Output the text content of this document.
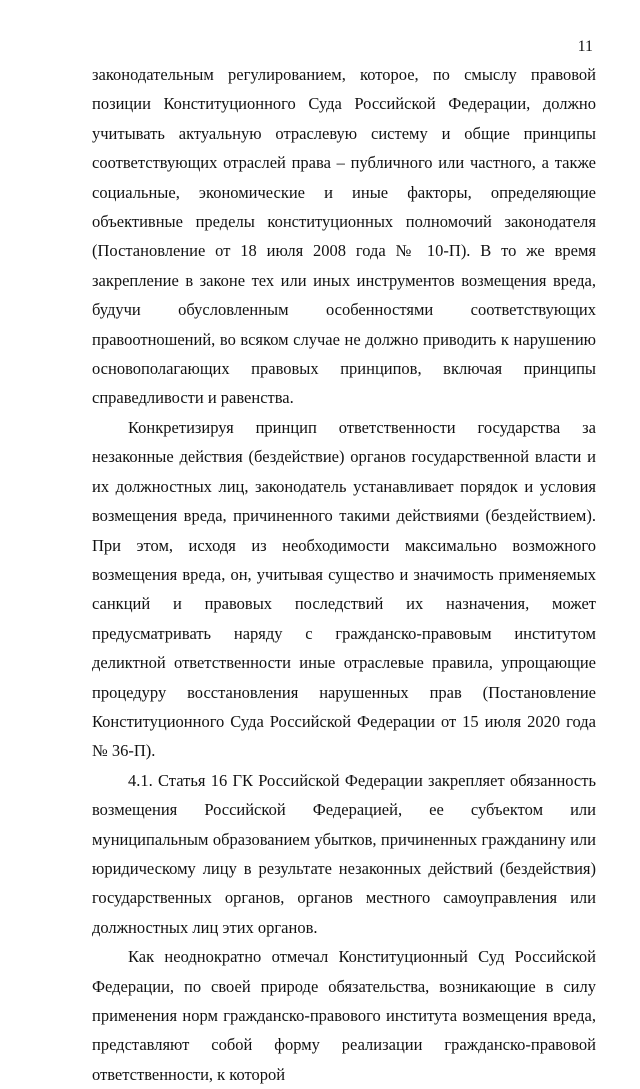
11

законодательным регулированием, которое, по смыслу правовой позиции Конституционного Суда Российской Федерации, должно учитывать актуальную отраслевую систему и общие принципы соответствующих отраслей права – публичного или частного, а также социальные, экономические и иные факторы, определяющие объективные пределы конституционных полномочий законодателя (Постановление от 18 июля 2008 года № 10-П). В то же время закрепление в законе тех или иных инструментов возмещения вреда, будучи обусловленным особенностями соответствующих правоотношений, во всяком случае не должно приводить к нарушению основополагающих правовых принципов, включая принципы справедливости и равенства.

Конкретизируя принцип ответственности государства за незаконные действия (бездействие) органов государственной власти и их должностных лиц, законодатель устанавливает порядок и условия возмещения вреда, причиненного такими действиями (бездействием). При этом, исходя из необходимости максимально возможного возмещения вреда, он, учитывая существо и значимость применяемых санкций и правовых последствий их назначения, может предусматривать наряду с гражданско-правовым институтом деликтной ответственности иные отраслевые правила, упрощающие процедуру восстановления нарушенных прав (Постановление Конституционного Суда Российской Федерации от 15 июля 2020 года № 36-П).

4.1. Статья 16 ГК Российской Федерации закрепляет обязанность возмещения Российской Федерацией, ее субъектом или муниципальным образованием убытков, причиненных гражданину или юридическому лицу в результате незаконных действий (бездействия) государственных органов, органов местного самоуправления или должностных лиц этих органов.

Как неоднократно отмечал Конституционный Суд Российской Федерации, по своей природе обязательства, возникающие в силу применения норм гражданско-правового института возмещения вреда, представляют собой форму реализации гражданско-правовой ответственности, к которой
